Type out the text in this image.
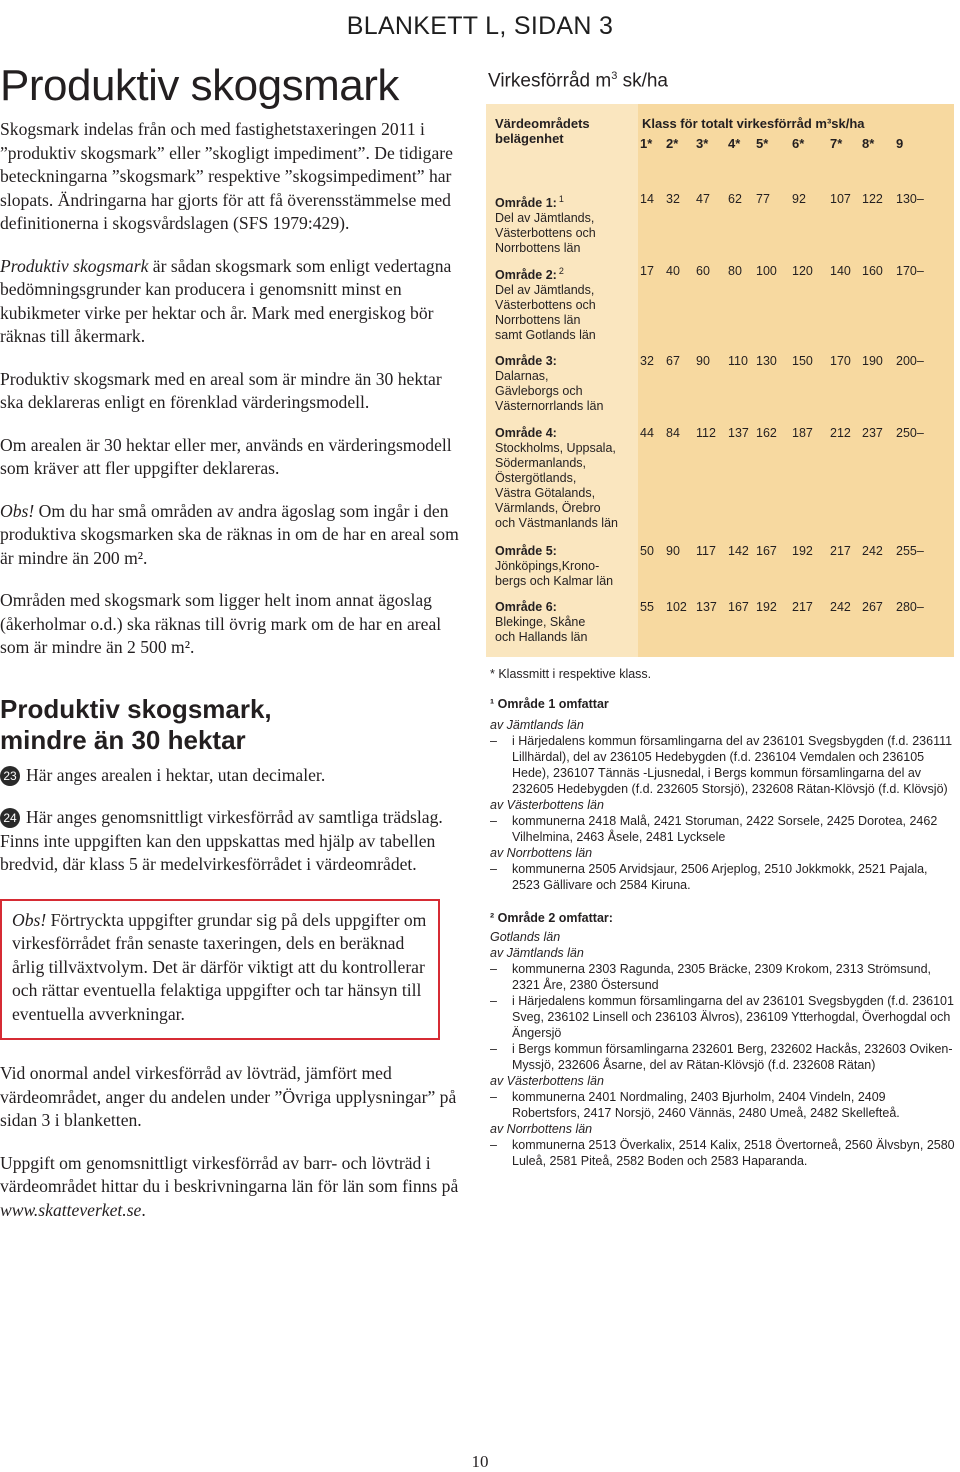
BLANKETT L, SIDAN 3
Produktiv skogsmark

Skogsmark indelas från och med fastighetstaxeringen 2011 i ”produktiv skogsmark” eller ”skogligt impediment”. De tidigare beteckningarna ”skogsmark” respektive ”skogsimpediment” har slopats. Ändringarna har gjorts för att få överensstämmelse med definitionerna i skogsvårdslagen (SFS 1979:429).

Produktiv skogsmark är sådan skogsmark som enligt vedertagna bedömningsgrunder kan producera i genomsnitt minst en kubikmeter virke per hektar och år. Mark med energiskog bör räknas till åkermark.

Produktiv skogsmark med en areal som är mindre än 30 hektar ska deklareras enligt en förenklad värderingsmodell.

Om arealen är 30 hektar eller mer, används en värderingsmodell som kräver att fler uppgifter deklareras.

Obs! Om du har små områden av andra ägoslag som ingår i den produktiva skogsmarken ska de räknas in om de har en areal som är mindre än 200 m².

Områden med skogsmark som ligger helt inom annat ägoslag (åkerholmar o.d.) ska räknas till övrig mark om de har en areal som är mindre än 2 500 m².

Produktiv skogsmark,
mindre än 30 hektar

23 Här anges arealen i hektar, utan decimaler.

24 Här anges genomsnittligt virkesförråd av samtliga trädslag. Finns inte uppgiften kan den uppskattas med hjälp av tabellen bredvid, där klass 5 är medelvirkesförrådet i värdeområdet.

Obs! Förtryckta uppgifter grundar sig på dels uppgifter om virkesförrådet från senaste taxeringen, dels en beräknad årlig tillväxtvolym. Det är därför viktigt att du kontrollerar och rättar eventuella felaktiga uppgifter och tar hänsyn till eventuella avverkningar.

Vid onormal andel virkesförråd av lövträd, jämfört med värdeområdet, anger du andelen under ”Övriga upplysningar” på sidan 3 i blanketten.

Uppgift om genomsnittligt virkesförråd av barr- och lövträd i värdeområdet hittar du i beskrivningarna län för län som finns på www.skatteverket.se.

Virkesförråd $m^3$ sk/ha
Värdeområdets
belägenhet
Område 1: $^1$
Del av Jämtlands,
Västerbottens och
Norrbottens län
Område 2: $^2$
Del av Jämtlands,
Västerbottens och
Norrbottens län
samt Gotlands län
Område 3:
Dalarnas,
Gävleborgs och
Västernorrlands län
Område 4:
Stockholms, Uppsala,
Södermanlands,
Östergötlands,
Västra Götalands,
Värmlands, Örebro
och Västmanlands län
Område 5:
Jönköpings,Krono-
bergs och Kalmar län
Område 6:
Blekinge, Skåne
och Hallands län
Klass för totalt virkesförråd m³sk/ha
1* 2* 3* 4* 5* 6* 7* 8* 9
14 32 47 62 77 92 107 122 130–
17 40 60 80 100 120 140 160 170–
32 67 90 110 130 150 170 190 200–
44 84 112 137 162 187 212 237 250–
50 90 117 142 167 192 217 242 255–
55 102 137 167 192 217 242 267 280–
* Klassmitt i respektive klass.
¹ Område 1 omfattar
av Jämtlands län
– i Härjedalens kommun församlingarna del av 236101 Svegsbygden (f.d. 236111 Lillhärdal), del av 236105 Hedebygden (f.d. 236104 Vemdalen och 236105 Hede), 236107 Tännäs -Ljusnedal, i Bergs kommun församlingarna del av 232605 Hedebygden (f.d. 232605 Storsjö), 232608 Rätan-Klövsjö (f.d. Klövsjö)
av Västerbottens län
– kommunerna 2418 Malå, 2421 Storuman, 2422 Sorsele, 2425 Dorotea, 2462 Vilhelmina, 2463 Åsele, 2481 Lycksele
av Norrbottens län
– kommunerna 2505 Arvidsjaur, 2506 Arjeplog, 2510 Jokkmokk, 2521 Pajala, 2523 Gällivare och 2584 Kiruna.
² Område 2 omfattar:
Gotlands län
av Jämtlands län
– kommunerna 2303 Ragunda, 2305 Bräcke, 2309 Krokom, 2313 Strömsund, 2321 Åre, 2380 Östersund
– i Härjedalens kommun församlingarna del av 236101 Svegsbygden (f.d. 236101 Sveg, 236102 Linsell och 236103 Älvros), 236109 Ytterhogdal, Överhogdal och Ängersjö
– i Bergs kommun församlingarna 232601 Berg, 232602 Hackås, 232603 Oviken-Myssjö, 232606 Åsarne, del av Rätan-Klövsjö (f.d. 232608 Rätan)
av Västerbottens län
– kommunerna 2401 Nordmaling, 2403 Bjurholm, 2404 Vindeln, 2409 Robertsfors, 2417 Norsjö, 2460 Vännäs, 2480 Umeå, 2482 Skellefteå.
av Norrbottens län
– kommunerna 2513 Överkalix, 2514 Kalix, 2518 Övertorneå, 2560 Älvsbyn, 2580 Luleå, 2581 Piteå, 2582 Boden och 2583 Haparanda.
10
